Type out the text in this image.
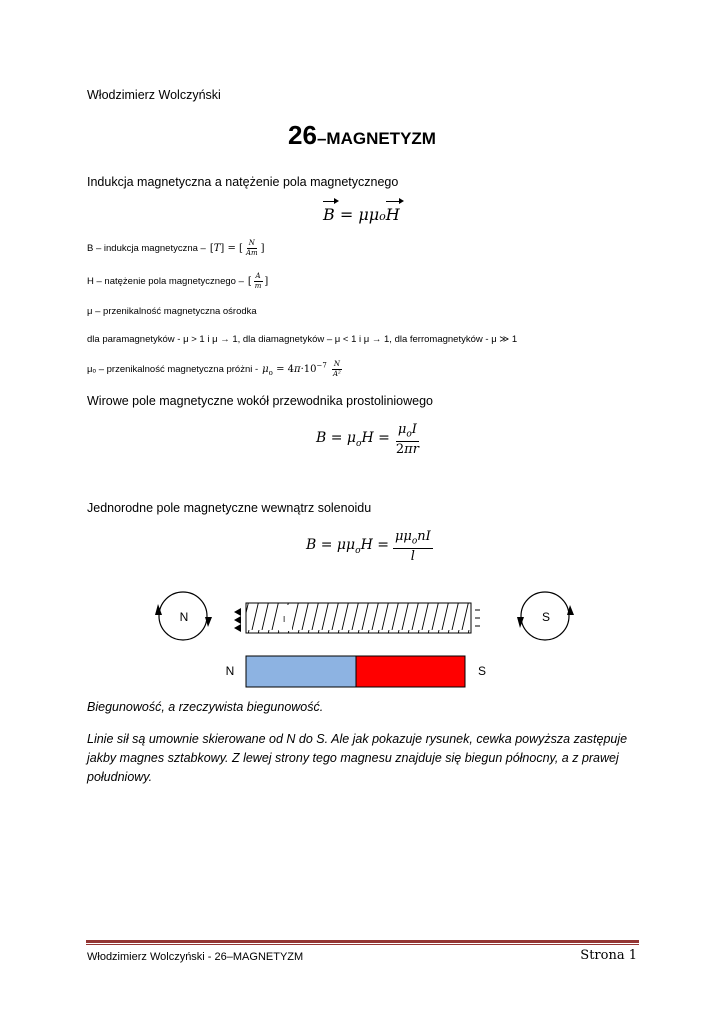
Włodzimierz Wolczyński
26–MAGNETYZM
Indukcja magnetyczna a natężenie pola magnetycznego
B = μμoH
B – indukcja magnetyczna – [T] = [ $\frac{N}{Am}$ ]
H – natężenie pola magnetycznego – [ $\frac{A}{m}$ ]
μ – przenikalność magnetyczna ośrodka
dla paramagnetyków - μ > 1 i μ → 1, dla diamagnetyków – μ < 1 i μ → 1, dla ferromagnetyków - μ ≫ 1
μₒ – przenikalność magnetyczna próżni - $\mu_o = 4\pi\cdot 10^{-7} \frac{N}{\text{A²}}$
Wirowe pole magnetyczne wokół przewodnika prostoliniowego
$B = \mu_oH = \frac{\mu_oI}{2\pi r}$
Jednorodne pole magnetyczne wewnątrz solenoidu
$B = \mu\mu_oH = \frac{\mu\mu_onI}{l}$
N	S
I
N	S
Biegunowość, a rzeczywista biegunowość.
Linie sił są umownie skierowane od N do S. Ale jak pokazuje rysunek, cewka powyższa zastępuje jakby magnes sztabkowy. Z lewej strony tego magnesu znajduje się biegun północny, a z prawej południowy.
Włodzimierz Wolczyński - 26–MAGNETYZM	Strona 1
